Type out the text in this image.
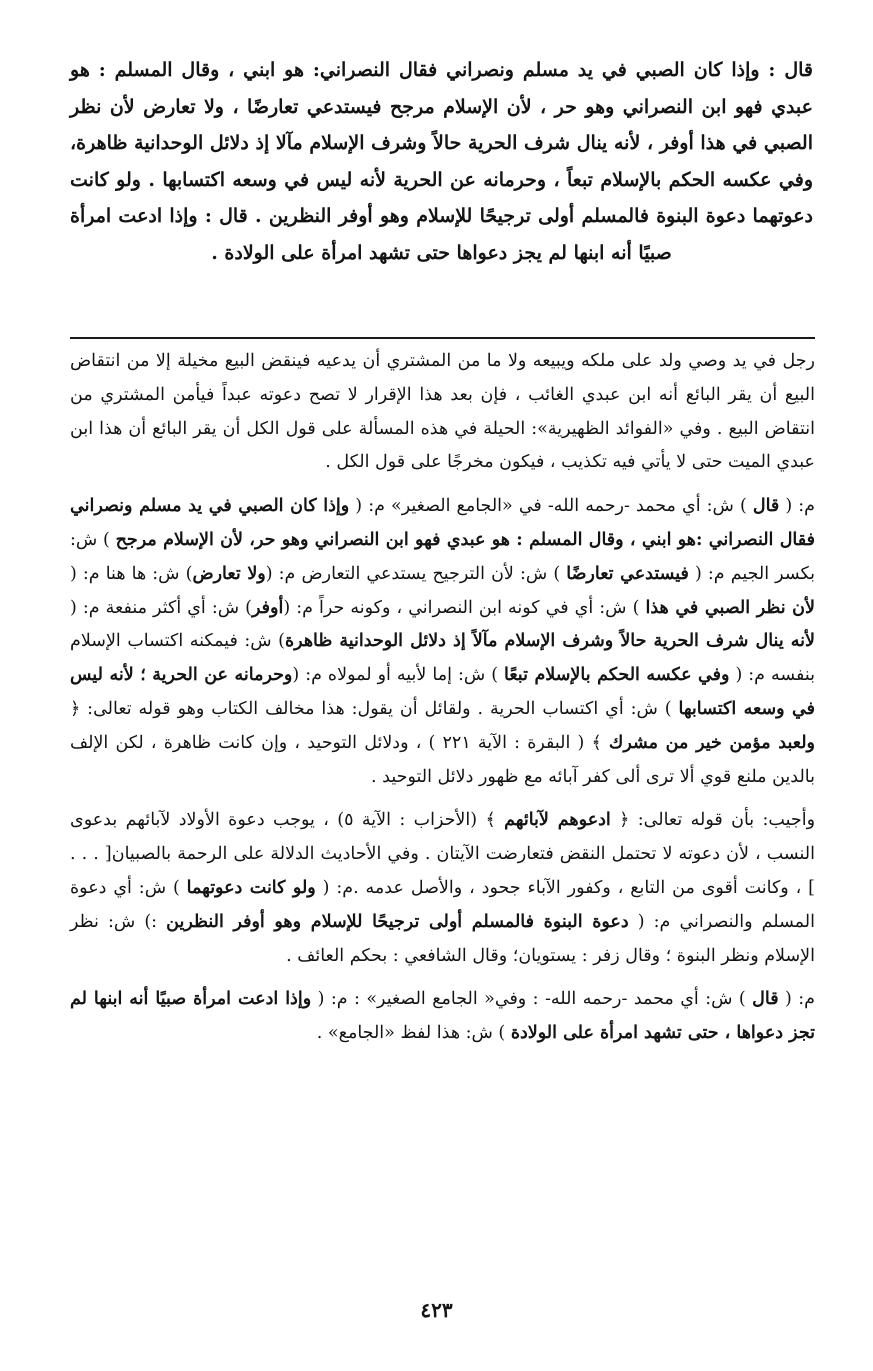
قال : وإذا كان الصبي في يد مسلم ونصراني فقال النصراني: هو ابني ، وقال المسلم : هو عبدي فهو ابن النصراني وهو حر ، لأن الإسلام مرجح فيستدعي تعارضًا ، ولا تعارض لأن نظر الصبي في هذا أوفر ، لأنه ينال شرف الحرية حالاً وشرف الإسلام مآلا إذ دلائل الوحدانية ظاهرة، وفي عكسه الحكم بالإسلام تبعاً ، وحرمانه عن الحرية لأنه ليس في وسعه اكتسابها . ولو كانت دعوتهما دعوة البنوة فالمسلم أولى ترجيحًا للإسلام وهو أوفر النظرين . قال : وإذا ادعت امرأة صبيًا أنه ابنها لم يجز دعواها حتى تشهد امرأة على الولادة .

رجل في يد وصي ولد على ملكه ويبيعه ولا ما من المشتري أن يدعيه فينقض البيع مخيلة إلا من انتقاض البيع أن يقر البائع أنه ابن عبدي الغائب ، فإن بعد هذا الإقرار لا تصح دعوته عبداً فيأمن المشتري من انتقاض البيع . وفي «الفوائد الظهيرية»: الحيلة في هذه المسألة على قول الكل أن يقر البائع أن هذا ابن عبدي الميت حتى لا يأتي فيه تكذيب ، فيكون مخرجًا على قول الكل .

م: ( قال ) ش: أي محمد -رحمه الله- في «الجامع الصغير» م: ( وإذا كان الصبي في يد مسلم ونصراني فقال النصراني :هو ابني ، وقال المسلم : هو عبدي فهو ابن النصراني وهو حر، لأن الإسلام مرجح ) ش: بكسر الجيم م: ( فيستدعي تعارضًا ) ش: لأن الترجيح يستدعي التعارض م: (ولا تعارض) ش: ها هنا م: ( لأن نظر الصبي في هذا ) ش: أي في كونه ابن النصراني ، وكونه حراً م: (أوفر) ش: أي أكثر منفعة م: ( لأنه ينال شرف الحرية حالاً وشرف الإسلام مآلاً إذ دلائل الوحدانية ظاهرة) ش: فيمكنه اكتساب الإسلام بنفسه م: ( وفي عكسه الحكم بالإسلام تبعًا ) ش: إما لأبيه أو لمولاه م: (وحرمانه عن الحرية ؛ لأنه ليس في وسعه اكتسابها ) ش: أي اكتساب الحرية . ولقائل أن يقول: هذا مخالف الكتاب وهو قوله تعالى: ﴿ ولعبد مؤمن خير من مشرك ﴾ ( البقرة : الآية ٢٢١ ) ، ودلائل التوحيد ، وإن كانت ظاهرة ، لكن الإلف بالدين ملنع قوي ألا ترى ألى كفر آبائه مع ظهور دلائل التوحيد .

وأجيب: بأن قوله تعالى: ﴿ ادعوهم لآبائهم ﴾ (الأحزاب : الآية ٥) ، يوجب دعوة الأولاد لآبائهم بدعوى النسب ، لأن دعوته لا تحتمل النقض فتعارضت الآيتان . وفي الأحاديث الدلالة على الرحمة بالصبيان[ . . . ] ، وكانت أقوى من التابع ، وكفور الآباء جحود ، والأصل عدمه .م: ( ولو كانت دعوتهما ) ش: أي دعوة المسلم والنصراني م: ( دعوة البنوة فالمسلم أولى ترجيحًا للإسلام وهو أوفر النظرين :) ش: نظر الإسلام ونظر البنوة ؛ وقال زفر : يستويان؛ وقال الشافعي : بحكم العائف .

م: ( قال ) ش: أي محمد -رحمه الله- : وفي« الجامع الصغير» : م: ( وإذا ادعت امرأة صبيًا أنه ابنها لم تجز دعواها ، حتى تشهد امرأة على الولادة ) ش: هذا لفظ «الجامع» .

٤٢٣
